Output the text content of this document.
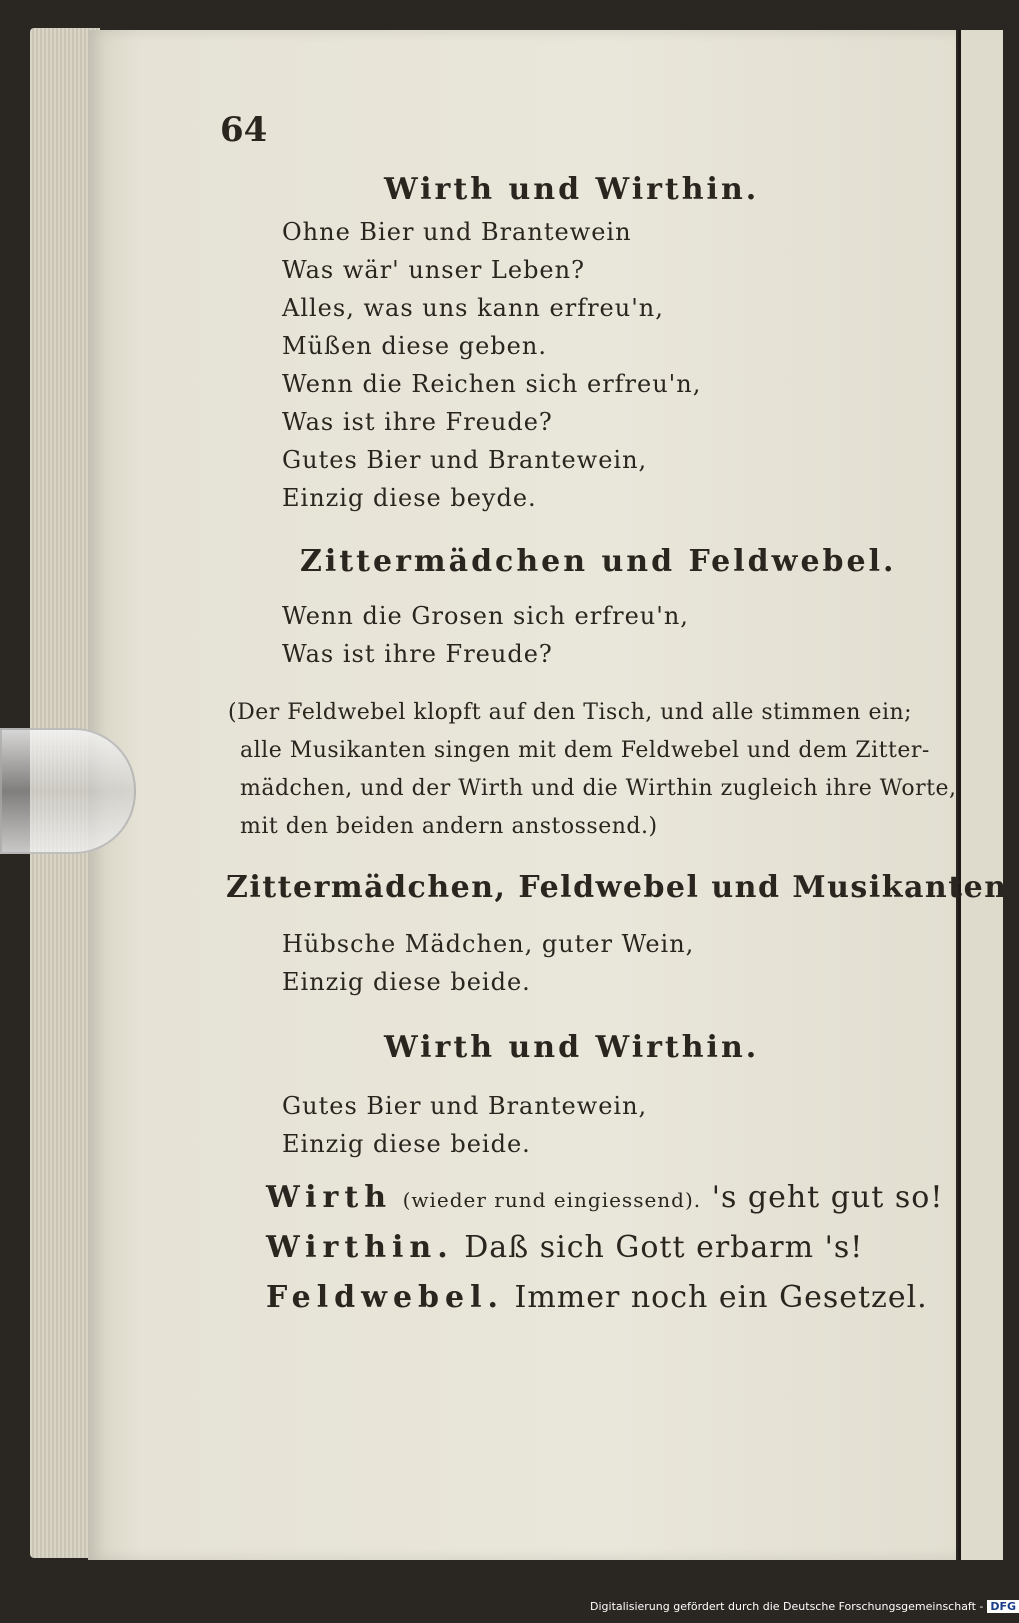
64
Wirth und Wirthin.
Ohne Bier und Brantewein
Was wär' unser Leben?
Alles, was uns kann erfreu'n,
Müßen diese geben.
Wenn die Reichen sich erfreu'n,
Was ist ihre Freude?
Gutes Bier und Brantewein,
Einzig diese beyde.
Zittermädchen und Feldwebel.
Wenn die Grosen sich erfreu'n,
Was ist ihre Freude?
(Der Feldwebel klopft auf den Tisch, und alle stimmen ein;
alle Musikanten singen mit dem Feldwebel und dem Zitter-
mädchen, und der Wirth und die Wirthin zugleich ihre Worte,
mit den beiden andern anstossend.)
Zittermädchen, Feldwebel und Musikanten
Hübsche Mädchen, guter Wein,
Einzig diese beide.
Wirth und Wirthin.
Gutes Bier und Brantewein,
Einzig diese beide.
Wirth (wieder rund eingiessend). 's geht gut so!
Wirthin. Daß sich Gott erbarm 's!
Feldwebel. Immer noch ein Gesetzel.
Digitalisierung gefördert durch die Deutsche Forschungsgemeinschaft - DFG
